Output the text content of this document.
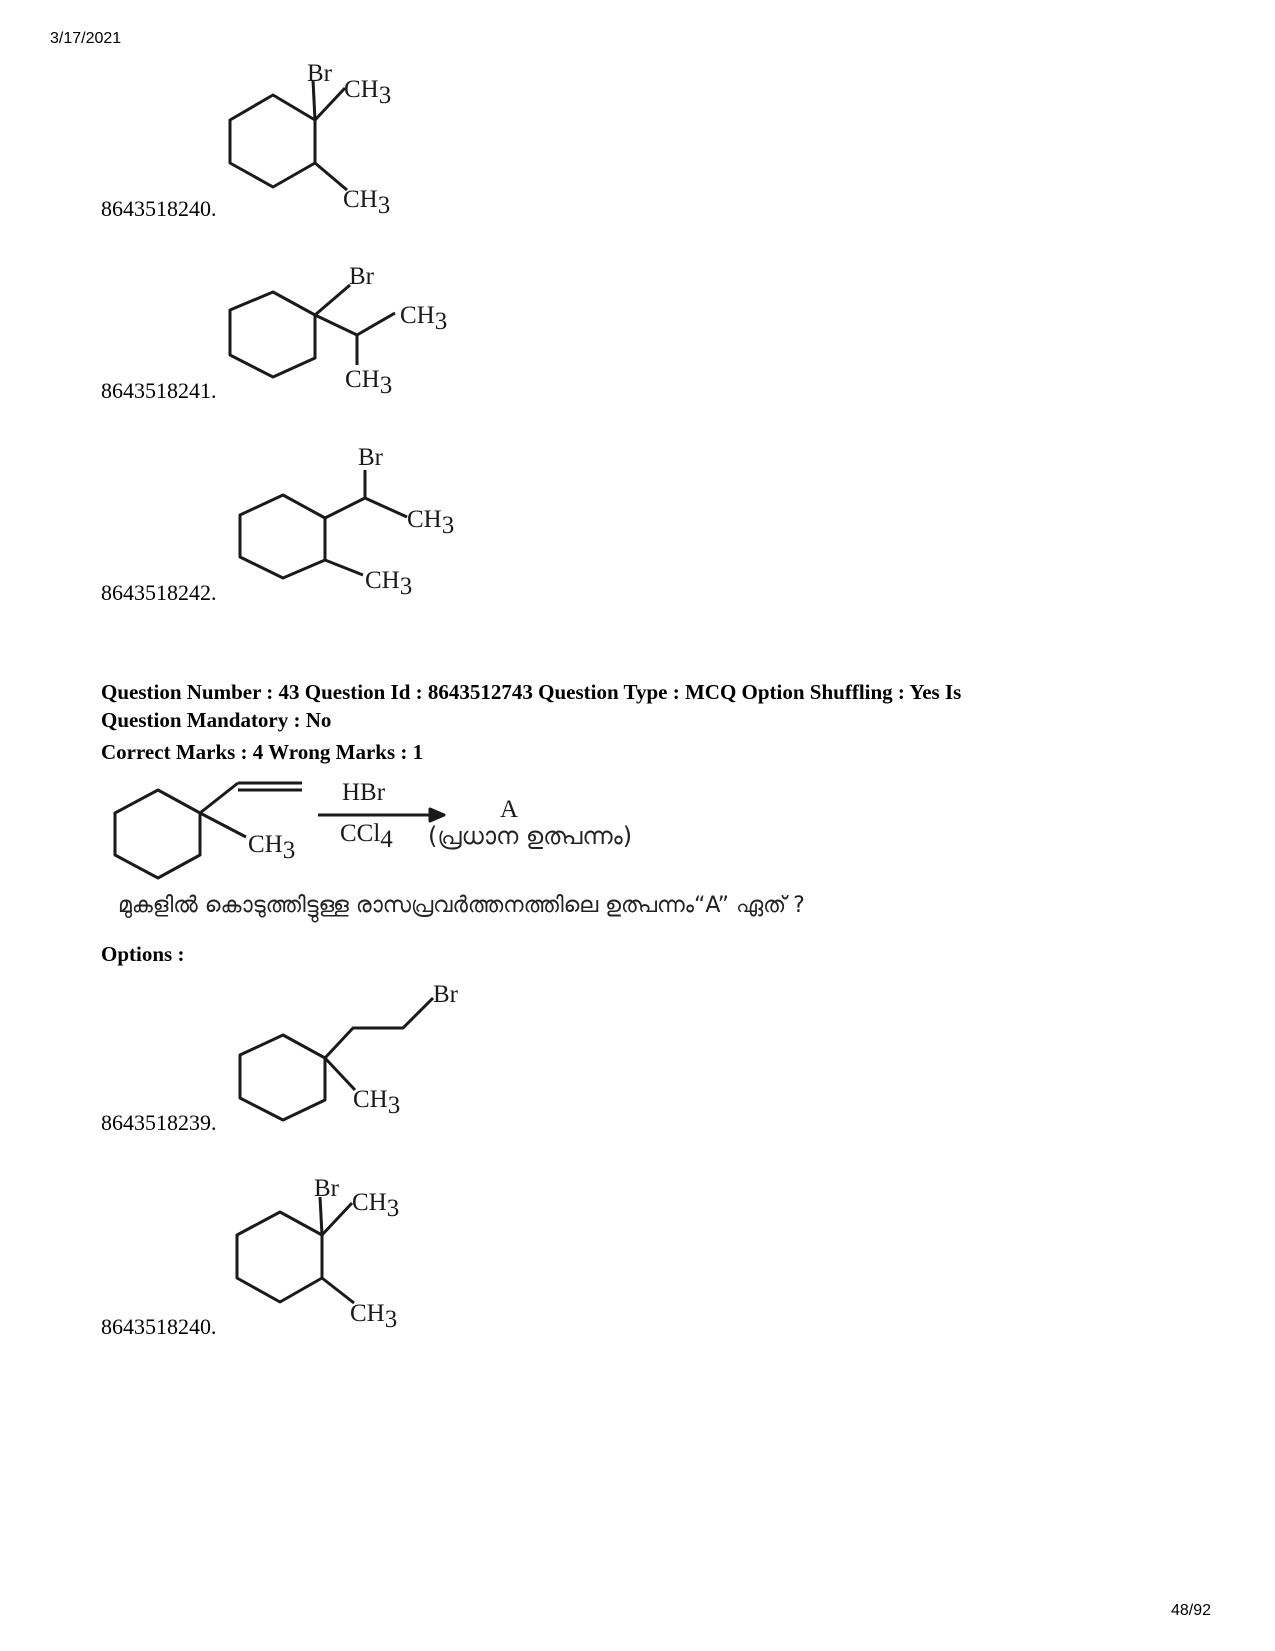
3/17/2021
Br
CH3
CH3
8643518240.
Br
CH3
CH3
8643518241.
Br
CH3
CH3
8643518242.
Question Number : 43 Question Id : 8643512743 Question Type : MCQ Option Shuffling : Yes Is
Question Mandatory : No
Correct Marks : 4 Wrong Marks : 1
CH3
HBr
CCl4
A
(പ്രധാന ഉത്പന്നം)
മുകളിൽ കൊടുത്തിട്ടുള്ള രാസപ്രവർത്തനത്തിലെ ഉത്പന്നം“A” ഏത് ?
Options :
Br
CH3
8643518239.
Br
CH3
CH3
8643518240.
48/92
